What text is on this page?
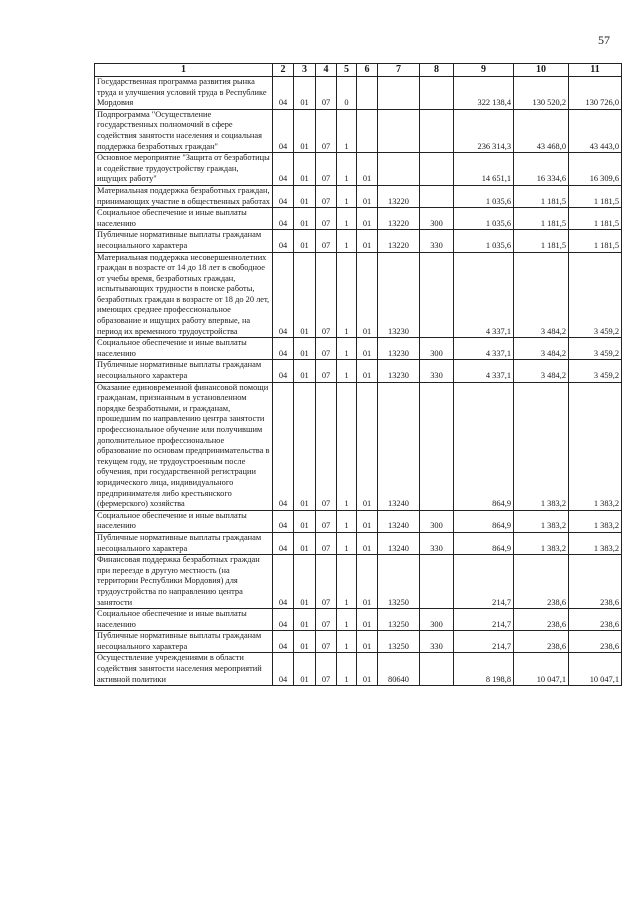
57
1	2	3	4	5	6	7	8	9	10	11
Государственная программа развития рынка труда и улучшения условий труда в Республике Мордовия	04	01	07	0				322 138,4	130 520,2	130 726,0
Подпрограмма "Осуществление государственных полномочий в сфере содействия занятости населения и социальная поддержка безработных граждан"	04	01	07	1				236 314,3	43 468,0	43 443,0
Основное мероприятие "Защита от безработицы и содействие трудоустройству граждан, ищущих работу"	04	01	07	1	01			14 651,1	16 334,6	16 309,6
Материальная поддержка безработных граждан, принимающих участие в общественных работах	04	01	07	1	01	13220		1 035,6	1 181,5	1 181,5
Социальное обеспечение и иные выплаты населению	04	01	07	1	01	13220	300	1 035,6	1 181,5	1 181,5
Публичные нормативные выплаты гражданам несоциального характера	04	01	07	1	01	13220	330	1 035,6	1 181,5	1 181,5
Материальная поддержка несовершеннолетних граждан в возрасте от 14 до 18 лет в свободное от учебы время, безработных граждан, испытывающих трудности в поиске работы, безработных граждан в возрасте от 18 до 20 лет, имеющих среднее профессиональное образование и ищущих работу впервые, на период их временного трудоустройства	04	01	07	1	01	13230		4 337,1	3 484,2	3 459,2
Социальное обеспечение и иные выплаты населению	04	01	07	1	01	13230	300	4 337,1	3 484,2	3 459,2
Публичные нормативные выплаты гражданам несоциального характера	04	01	07	1	01	13230	330	4 337,1	3 484,2	3 459,2
Оказание единовременной финансовой помощи гражданам, признанным в установленном порядке безработными, и гражданам, прошедшим по направлению центра занятости профессиональное обучение или получившим дополнительное профессиональное образование по основам предпринимательства в текущем году, не трудоустроенным после обучения, при государственной регистрации юридического лица, индивидуального предпринимателя либо крестьянского (фермерского) хозяйства	04	01	07	1	01	13240		864,9	1 383,2	1 383,2
Социальное обеспечение и иные выплаты населению	04	01	07	1	01	13240	300	864,9	1 383,2	1 383,2
Публичные нормативные выплаты гражданам несоциального характера	04	01	07	1	01	13240	330	864,9	1 383,2	1 383,2
Финансовая поддержка безработных граждан при переезде в другую местность (на территории Республики Мордовия) для трудоустройства по направлению центра занятости	04	01	07	1	01	13250		214,7	238,6	238,6
Социальное обеспечение и иные выплаты населению	04	01	07	1	01	13250	300	214,7	238,6	238,6
Публичные нормативные выплаты гражданам несоциального характера	04	01	07	1	01	13250	330	214,7	238,6	238,6
Осуществление учреждениями в области содействия занятости населения мероприятий активной политики	04	01	07	1	01	80640		8 198,8	10 047,1	10 047,1
